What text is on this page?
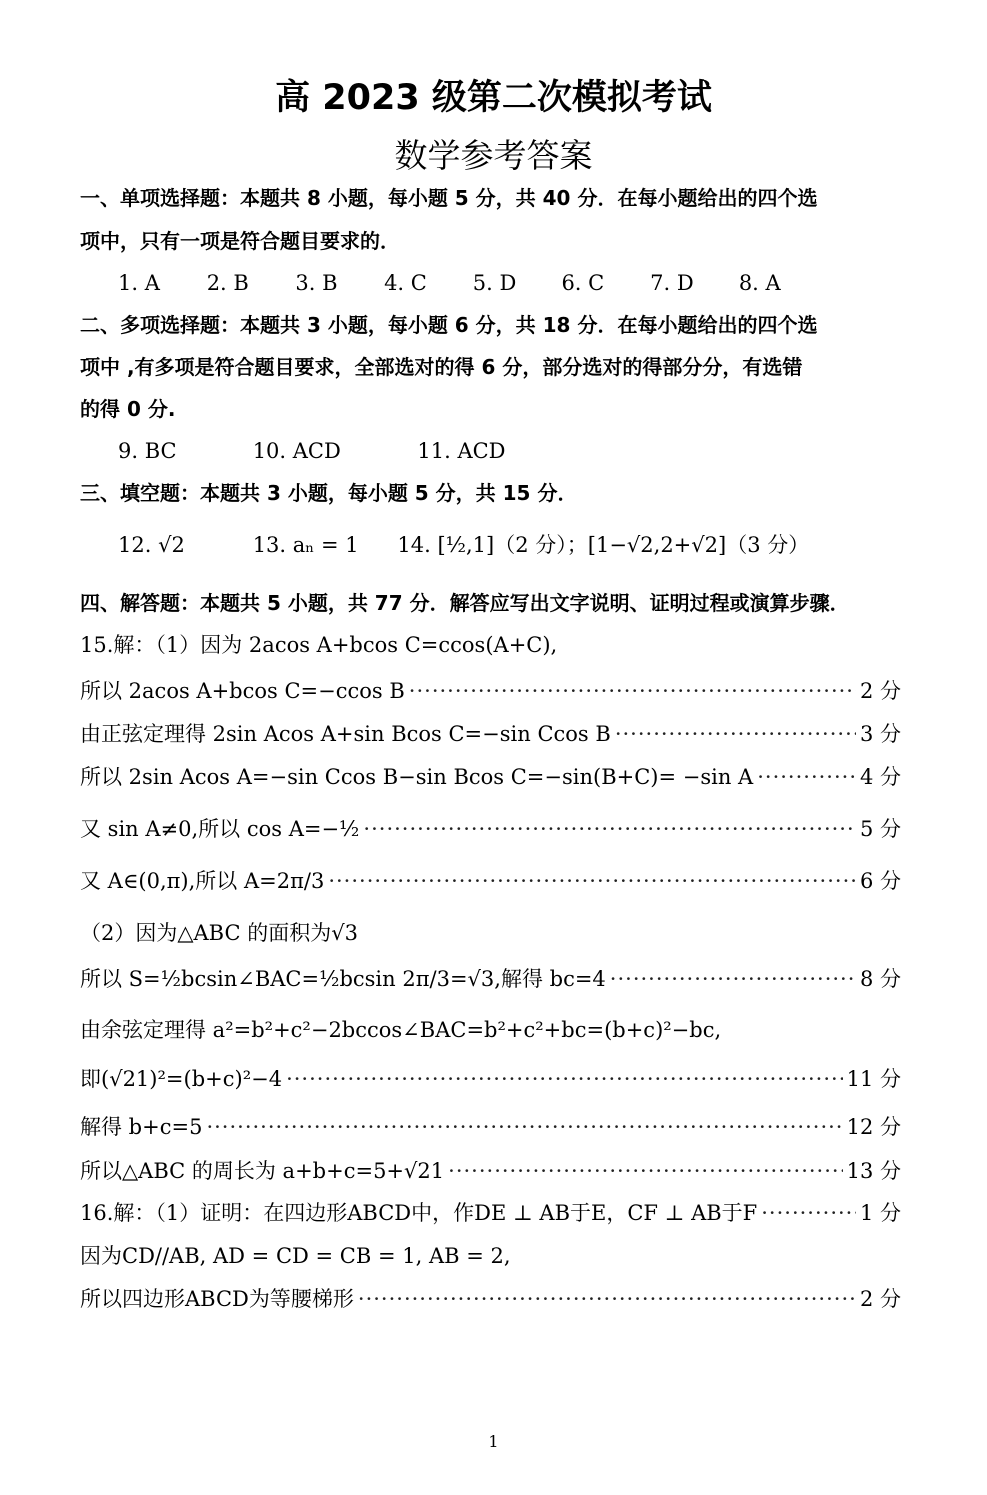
高 2023 级第二次模拟考试
数学参考答案
一、单项选择题：本题共 8 小题，每小题 5 分，共 40 分．在每小题给出的四个选
项中，只有一项是符合题目要求的．
1. A 2. B 3. B 4. C 5. D 6. C 7. D 8. A
二、多项选择题：本题共 3 小题，每小题 6 分，共 18 分．在每小题给出的四个选
项中 ,有多项是符合题目要求，全部选对的得 6 分，部分选对的得部分分，有选错
的得 0 分.
9. BC	10. ACD	11. ACD
三、填空题：本题共 3 小题，每小题 5 分，共 15 分．
12. √2	13. aₙ = 1 14. [½,1]（2 分）；[1−√2,2+√2]（3 分）
四、解答题：本题共 5 小题，共 77 分．解答应写出文字说明、证明过程或演算步骤．
15.解：（1）因为 2acos A+bcos C=ccos(A+C),
所以 2acos A+bcos C=−ccos B ·····	2 分
由正弦定理得 2sin Acos A+sin Bcos C=−sin Ccos B ·····	3 分
所以 2sin Acos A=−sin Ccos B−sin Bcos C=−sin(B+C)= −sin A ·····	4 分
又 sin A≠0,所以 cos A=−½ ·····	5 分
又 A∈(0,π),所以 A=2π/3 ·····	6 分
（2）因为△ABC 的面积为√3
所以 S=½bcsin∠BAC=½bcsin 2π/3=√3,解得 bc=4 ·····	8 分
由余弦定理得 a²=b²+c²−2bccos∠BAC=b²+c²+bc=(b+c)²−bc,
即(√21)²=(b+c)²−4 ·····	11 分
解得 b+c=5 ·····	12 分
所以△ABC 的周长为 a+b+c=5+√21 ·····	13 分
16.解：（1）证明：在四边形ABCD中，作DE ⊥ AB于E，CF ⊥ AB于F ·····	1 分
因为CD//AB, AD = CD = CB = 1, AB = 2,
所以四边形ABCD为等腰梯形 ·····	2 分
1
